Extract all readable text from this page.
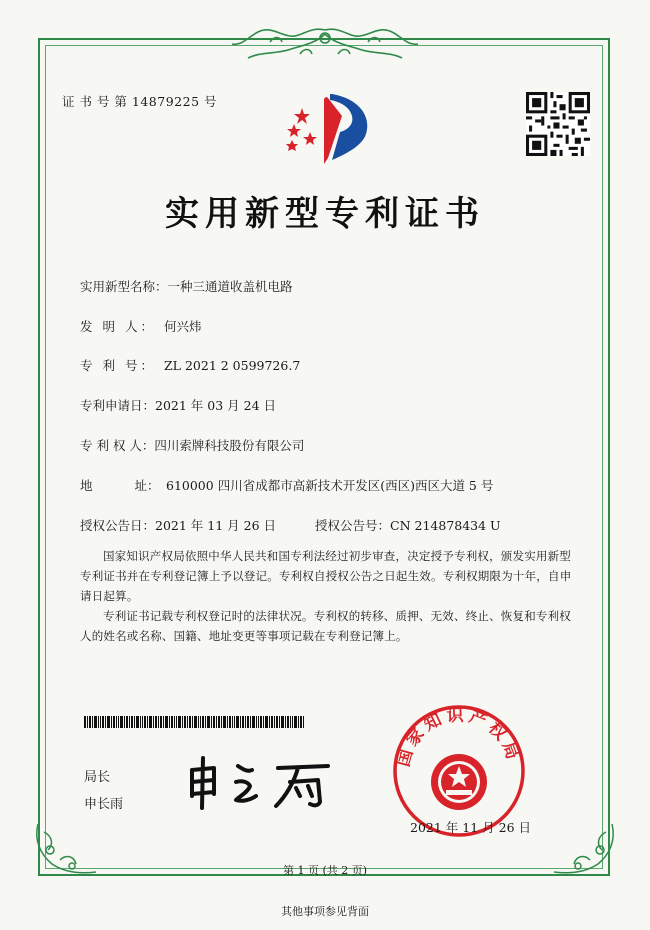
证 书 号 第 14879225 号
实用新型专利证书
实用新型名称：一种三通道收盖机电路
发 明 人： 何兴炜
专 利 号： ZL 2021 2 0599726.7
专利申请日：2021 年 03 月 24 日
专 利 权 人：四川索牌科技股份有限公司
地 址： 610000 四川省成都市高新技术开发区(西区)西区大道 5 号
授权公告日：2021 年 11 月 26 日	授权公告号：CN 214878434 U
国家知识产权局依照中华人民共和国专利法经过初步审查，决定授予专利权，颁发实用新型专利证书并在专利登记簿上予以登记。专利权自授权公告之日起生效。专利权期限为十年，自申请日起算。
专利证书记载专利权登记时的法律状况。专利权的转移、质押、无效、终止、恢复和专利权人的姓名或名称、国籍、地址变更等事项记载在专利登记簿上。
局长
申长雨
国家知识产权局
2021 年 11 月 26 日
第 1 页 (共 2 页)
其他事项参见背面
